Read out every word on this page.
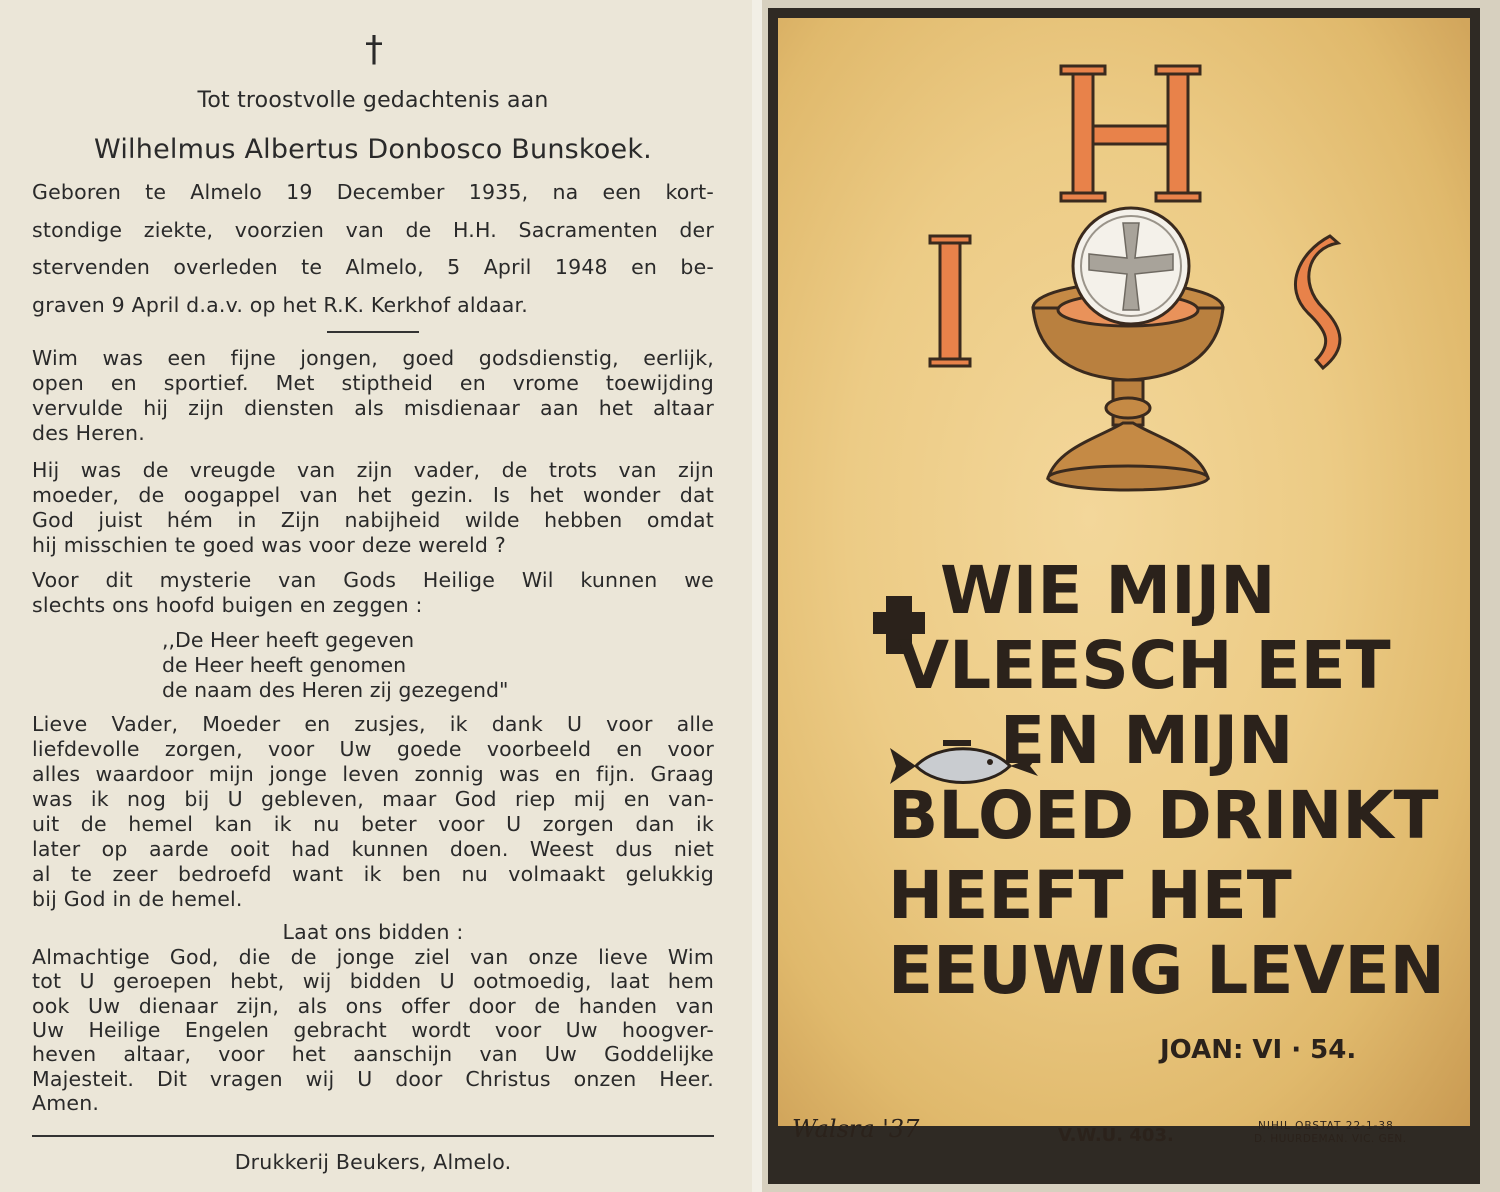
†
Tot troostvolle gedachtenis aan
Wilhelmus Albertus Donbosco Bunskoek.
Geboren te Almelo 19 December 1935, na een kort-
stondige ziekte, voorzien van de H.H. Sacramenten der
stervenden overleden te Almelo, 5 April 1948 en be-
graven 9 April d.a.v. op het R.K. Kerkhof aldaar.
Wim was een fijne jongen, goed godsdienstig, eerlijk,
open en sportief. Met stiptheid en vrome toewijding
vervulde hij zijn diensten als misdienaar aan het altaar
des Heren.
Hij was de vreugde van zijn vader, de trots van zijn
moeder, de oogappel van het gezin. Is het wonder dat
God juist hém in Zijn nabijheid wilde hebben omdat
hij misschien te goed was voor deze wereld ?
Voor dit mysterie van Gods Heilige Wil kunnen we
slechts ons hoofd buigen en zeggen :
,,De Heer heeft gegeven
de Heer heeft genomen
de naam des Heren zij gezegend"
Lieve Vader, Moeder en zusjes, ik dank U voor alle
liefdevolle zorgen, voor Uw goede voorbeeld en voor
alles waardoor mijn jonge leven zonnig was en fijn. Graag
was ik nog bij U gebleven, maar God riep mij en van-
uit de hemel kan ik nu beter voor U zorgen dan ik
later op aarde ooit had kunnen doen. Weest dus niet
al te zeer bedroefd want ik ben nu volmaakt gelukkig
bij God in de hemel.
Laat ons bidden :
Almachtige God, die de jonge ziel van onze lieve Wim
tot U geroepen hebt, wij bidden U ootmoedig, laat hem
ook Uw dienaar zijn, als ons offer door de handen van
Uw Heilige Engelen gebracht wordt voor Uw hoogver-
heven altaar, voor het aanschijn van Uw Goddelijke
Majesteit. Dit vragen wij U door Christus onzen Heer.
Amen.
Drukkerij Beukers, Almelo.
JOAN: VI · 54.
Walsra '37	V.W.U. 403.	NIHIL OBSTAT 22-1-38
D. HUURDEMAN. VIC. GEN.
WIE MIJN
VLEESCH EET
EN MIJN
BLOED DRINKT
HEEFT HET
EEUWIG LEVEN
